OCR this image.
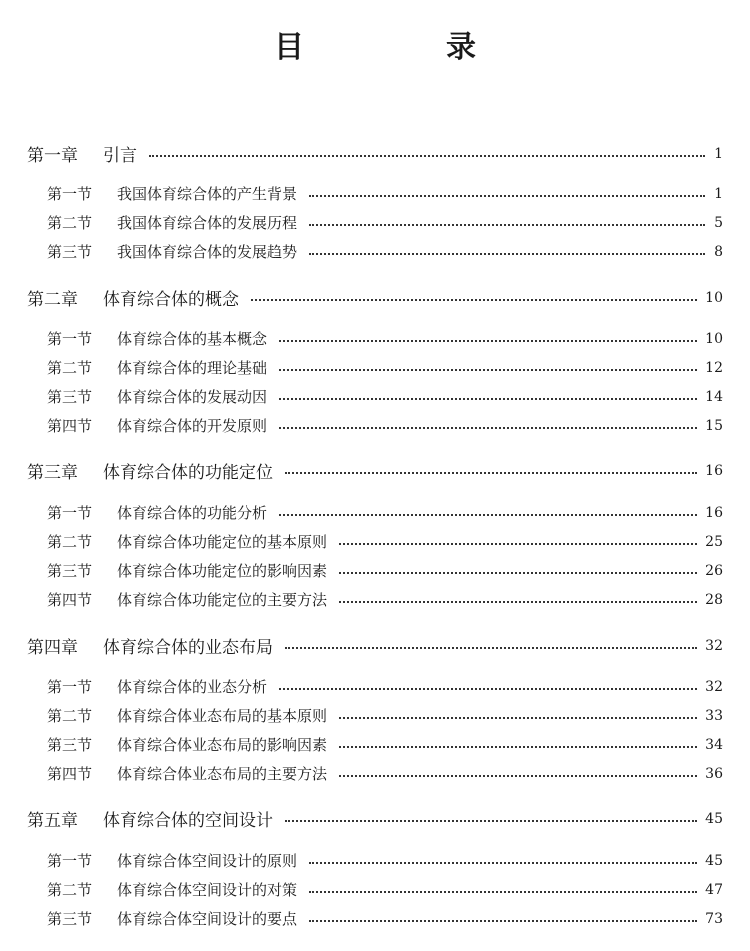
目　录
第一章	引言	1
第一节	我国体育综合体的产生背景	1
第二节	我国体育综合体的发展历程	5
第三节	我国体育综合体的发展趋势	8
第二章	体育综合体的概念	10
第一节	体育综合体的基本概念	10
第二节	体育综合体的理论基础	12
第三节	体育综合体的发展动因	14
第四节	体育综合体的开发原则	15
第三章	体育综合体的功能定位	16
第一节	体育综合体的功能分析	16
第二节	体育综合体功能定位的基本原则	25
第三节	体育综合体功能定位的影响因素	26
第四节	体育综合体功能定位的主要方法	28
第四章	体育综合体的业态布局	32
第一节	体育综合体的业态分析	32
第二节	体育综合体业态布局的基本原则	33
第三节	体育综合体业态布局的影响因素	34
第四节	体育综合体业态布局的主要方法	36
第五章	体育综合体的空间设计	45
第一节	体育综合体空间设计的原则	45
第二节	体育综合体空间设计的对策	47
第三节	体育综合体空间设计的要点	73
